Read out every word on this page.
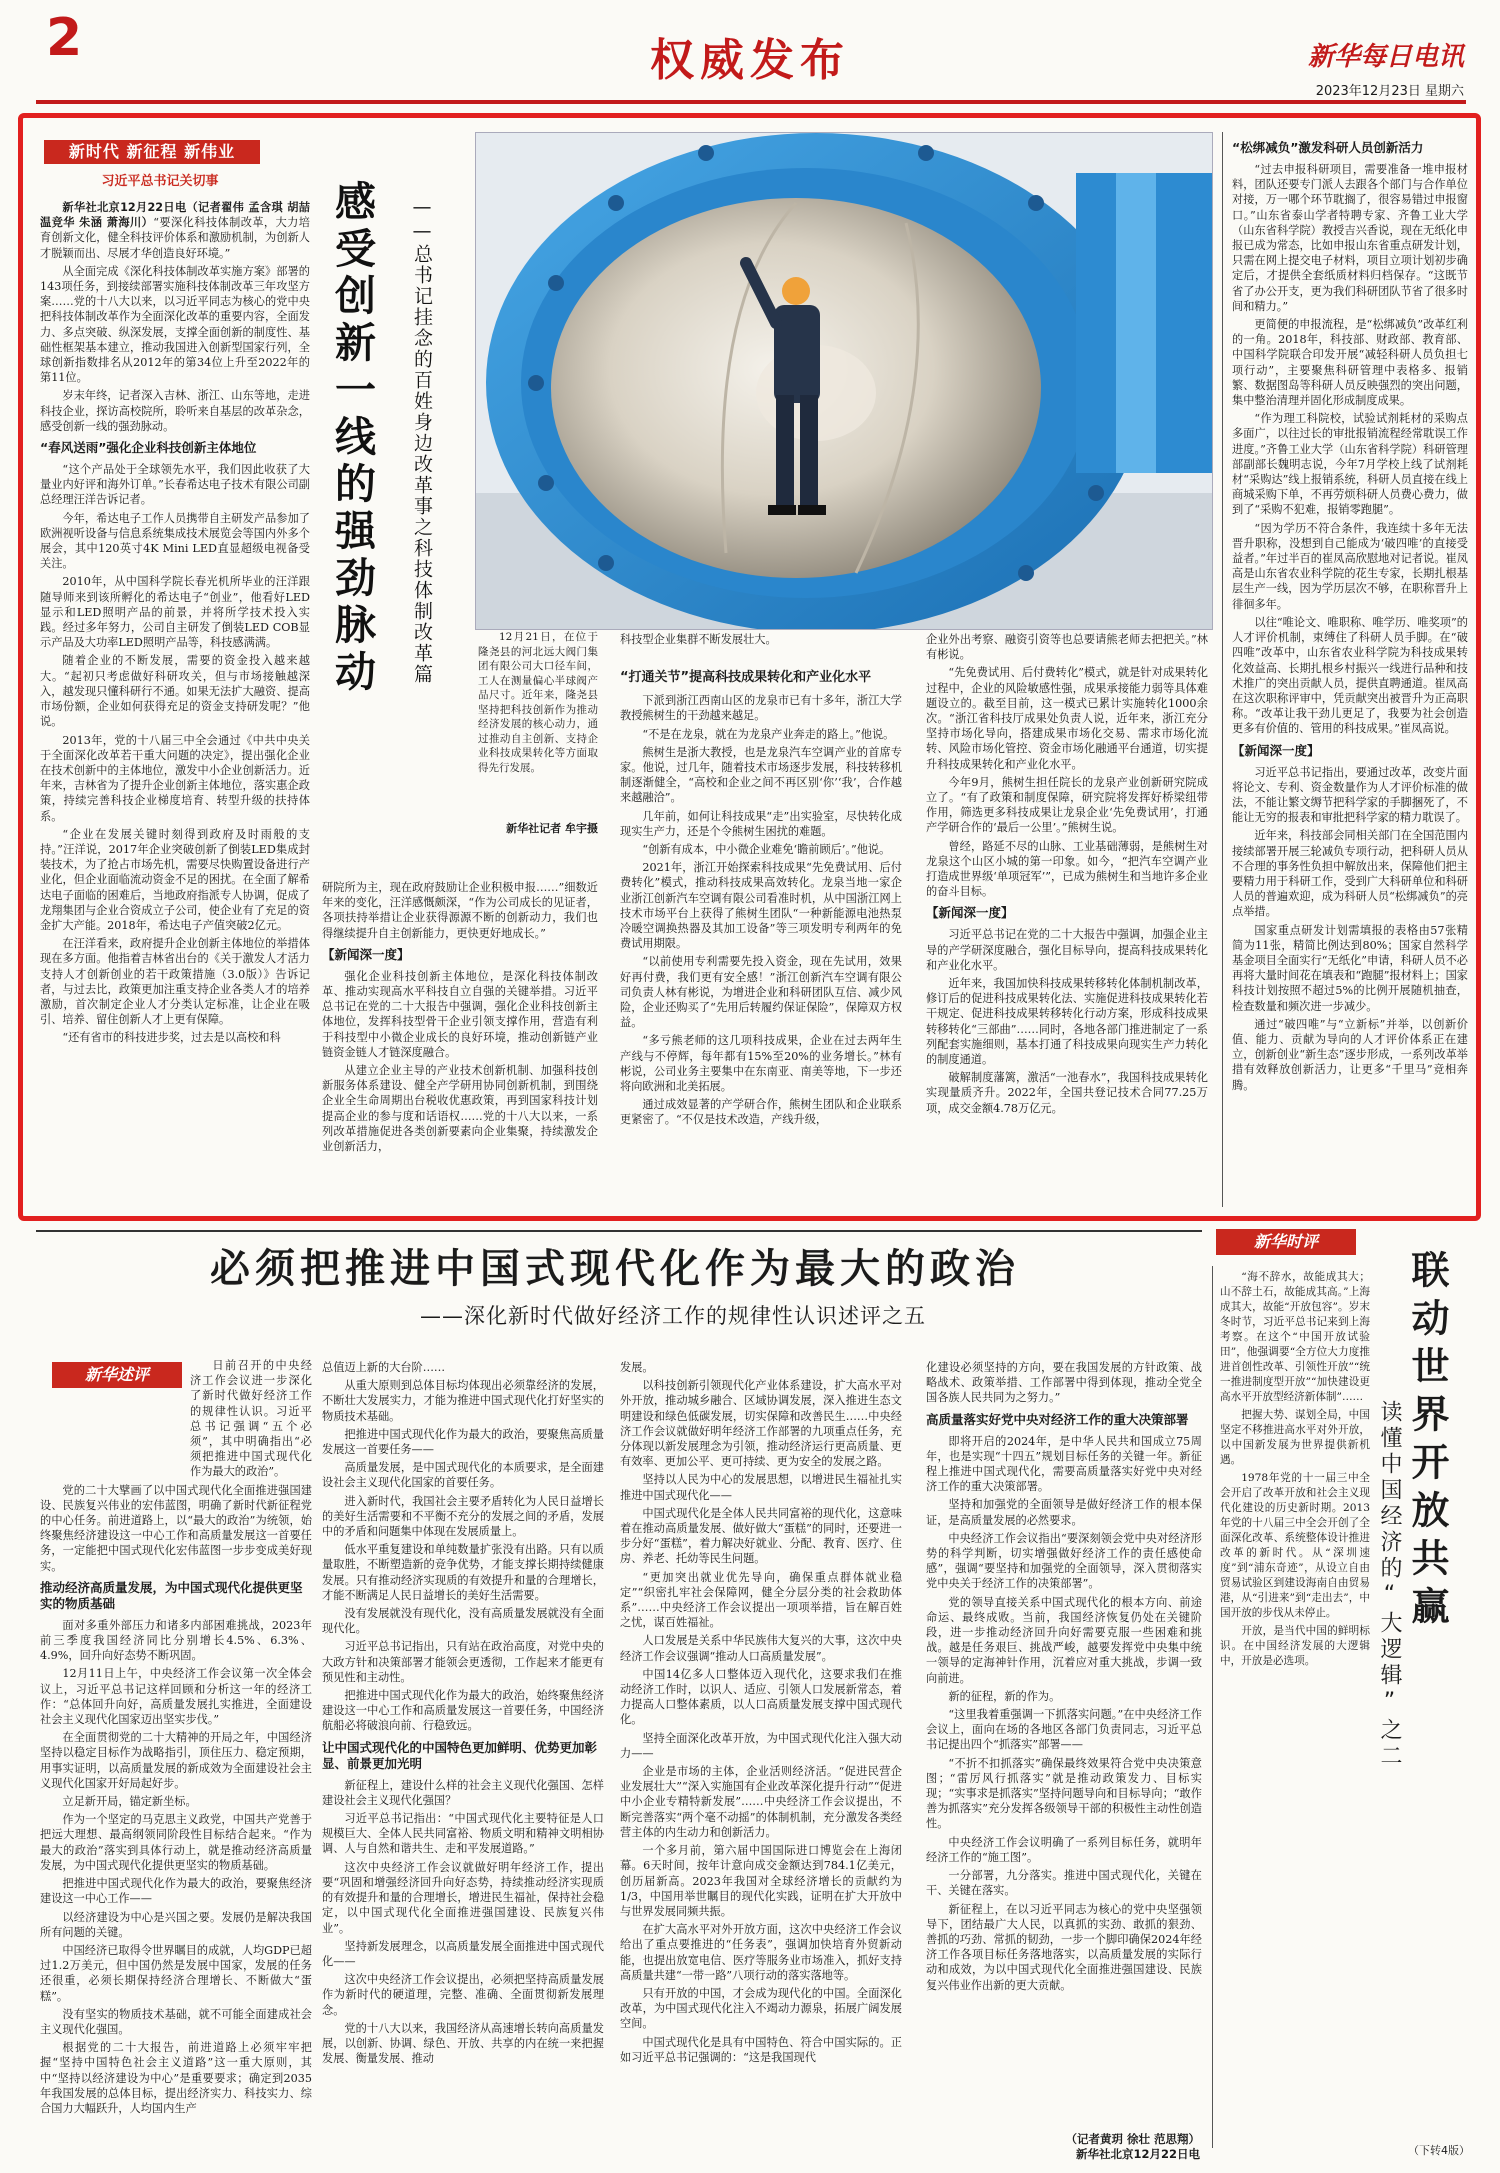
2	权威发布	新华每日电讯
2023年12月23日 星期六
新时代 新征程 新伟业
习近平总书记关切事	感受创新一线的强劲脉动 ——总书记挂念的百姓身边改革事之科技体制改革篇

新华社北京12月22日电（记者翟伟 孟含琪 胡喆 温竞华 朱涵 萧海川）“要深化科技体制改革，大力培育创新文化，健全科技评价体系和激励机制，为创新人才脱颖而出、尽展才华创造良好环境。”

从全面完成《深化科技体制改革实施方案》部署的143项任务，到接续部署实施科技体制改革三年攻坚方案……党的十八大以来，以习近平同志为核心的党中央把科技体制改革作为全面深化改革的重要内容，全面发力、多点突破、纵深发展，支撑全面创新的制度性、基础性框架基本建立，推动我国进入创新型国家行列，全球创新指数排名从2012年的第34位上升至2022年的第11位。

岁末年终，记者深入吉林、浙江、山东等地，走进科技企业，探访高校院所，聆听来自基层的改革杂念，感受创新一线的强劲脉动。

“春风送雨”强化企业科技创新主体地位

“这个产品处于全球领先水平，我们因此收获了大量业内好评和海外订单。”长春希达电子技术有限公司副总经理汪洋告诉记者。

今年，希达电子工作人员携带自主研发产品参加了欧洲视听设备与信息系统集成技术展览会等国内外多个展会，其中120英寸4K Mini LED直显超级电视备受关注。

2010年，从中国科学院长春光机所毕业的汪洋跟随导师来到该所孵化的希达电子“创业”，他看好LED显示和LED照明产品的前景，并将所学技术投入实践。经过多年努力，公司自主研发了倒装LED COB显示产品及大功率LED照明产品等，科技感满满。

随着企业的不断发展，需要的资金投入越来越大。“起初只考虑做好科研攻关，但与市场接触越深入，越发现只懂科研行不通。如果无法扩大融资、提高市场份额，企业如何获得充足的资金支持研发呢？”他说。

2013年，党的十八届三中全会通过《中共中央关于全面深化改革若干重大问题的决定》，提出强化企业在技术创新中的主体地位，激发中小企业创新活力。近年来，吉林省为了提升企业创新主体地位，落实惠企政策，持续完善科技企业梯度培育、转型升级的扶持体系。

“企业在发展关键时刻得到政府及时雨般的支持。”汪洋说，2017年企业突破创新了倒装LED集成封装技术，为了抢占市场先机，需要尽快购置设备进行产业化，但企业面临流动资金不足的困扰。在全面了解希达电子面临的困难后，当地政府指派专人协调，促成了龙翔集团与企业合资成立子公司，使企业有了充足的资金扩大产能。2018年，希达电子产值突破2亿元。

在汪洋看来，政府提升企业创新主体地位的举措体现在多方面。他指着吉林省出台的《关于激发人才活力支持人才创新创业的若干政策措施（3.0版）》告诉记者，与过去比，政策更加注重支持企业各类人才的培养激励，首次制定企业人才分类认定标准，让企业在吸引、培养、留住创新人才上更有保障。

“还有省市的科技进步奖，过去是以高校和科

12月21日，在位于隆尧县的河北远大阀门集团有限公司大口径车间，工人在测量偏心半球阀产品尺寸。近年来，隆尧县坚持把科技创新作为推动经济发展的核心动力，通过推动自主创新、支持企业科技成果转化等方面取得先行发展。
新华社记者 牟宇摄

研院所为主，现在政府鼓励让企业积极申报……”细数近年来的变化，汪洋感慨颇深，“作为公司成长的见证者，各项扶持举措让企业获得源源不断的创新动力，我们也得继续提升自主创新能力，更快更好地成长。”

【新闻深一度】

强化企业科技创新主体地位，是深化科技体制改革、推动实现高水平科技自立自强的关键举措。习近平总书记在党的二十大报告中强调，强化企业科技创新主体地位，发挥科技型骨干企业引领支撑作用，营造有利于科技型中小微企业成长的良好环境，推动创新链产业链资金链人才链深度融合。

从建立企业主导的产业技术创新机制、加强科技创新服务体系建设、健全产学研用协同创新机制，到围绕企业全生命周期出台税收优惠政策，再到国家科技计划提高企业的参与度和话语权……党的十八大以来，一系列改革措施促进各类创新要素向企业集聚，持续激发企业创新活力，

科技型企业集群不断发展壮大。

“打通关节”提高科技成果转化和产业化水平

下派到浙江西南山区的龙泉市已有十多年，浙江大学教授熊树生的干劲越来越足。

“不是在龙泉，就在为龙泉产业奔走的路上。”他说。

熊树生是浙大教授，也是龙泉汽车空调产业的首席专家。他说，过几年，随着技术市场逐步发展，科技转移机制逐渐健全，“高校和企业之间不再区别‘你’‘我’，合作越来越融洽”。

几年前，如何让科技成果“走”出实验室，尽快转化成现实生产力，还是个令熊树生困扰的难题。

“创新有成本，中小微企业难免‘瞻前顾后’。”他说。

2021年，浙江开始探索科技成果“先免费试用、后付费转化”模式，推动科技成果高效转化。龙泉当地一家企业浙江创新汽车空调有限公司看准时机，从中国浙江网上技术市场平台上获得了熊树生团队“一种新能源电池热泵冷暖空调换热器及其加工设备”等三项发明专利两年的免费试用期限。

“以前使用专利需要先投入资金，现在先试用，效果好再付费，我们更有安全感！”浙江创新汽车空调有限公司负责人林有彬说，为增进企业和科研团队互信、减少风险，企业还购买了“先用后转履约保证保险”，保障双方权益。

“多亏熊老师的这几项科技成果，企业在过去两年生产线与不停辉，每年都有15%至20%的业务增长。”林有彬说，公司业务主要集中在东南亚、南美等地，下一步还将向欧洲和北美拓展。

通过成效显著的产学研合作，熊树生团队和企业联系更紧密了。“不仅是技术改造，产线升级，

企业外出考察、融资引资等也总要请熊老师去把把关。”林有彬说。

“先免费试用、后付费转化”模式，就是针对成果转化过程中，企业的风险敏感性强，成果承接能力弱等具体难题设立的。截至目前，这一模式已累计实施转化1000余次。“浙江省科技厅成果处负责人说，近年来，浙江充分坚持市场化导向，搭建成果市场化交易、需求市场化流转、风险市场化管控、资金市场化融通平台通道，切实提升科技成果转化和产业化水平。

今年9月，熊树生担任院长的龙泉产业创新研究院成立了。“有了政策和制度保障，研究院将发挥好桥梁纽带作用，筛选更多科技成果让龙泉企业‘先免费试用’，打通产学研合作的‘最后一公里’。”熊树生说。

曾经，路延不尽的山脉、工业基础薄弱，是熊树生对龙泉这个山区小城的第一印象。如今，“把汽车空调产业打造成世界级‘单项冠军’”，已成为熊树生和当地许多企业的奋斗目标。

【新闻深一度】

习近平总书记在党的二十大报告中强调，加强企业主导的产学研深度融合，强化目标导向，提高科技成果转化和产业化水平。

近年来，我国加快科技成果转移转化体制机制改革，修订后的促进科技成果转化法、实施促进科技成果转化若干规定、促进科技成果转移转化行动方案，形成科技成果转移转化“三部曲”……同时，各地各部门推进制定了一系列配套实施细则，基本打通了科技成果向现实生产力转化的制度通道。

破解制度藩篱，激活“一池春水”，我国科技成果转化实现量质齐升。2022年，全国共登记技术合同77.25万项，成交金额4.78万亿元。

“松绑减负”激发科研人员创新活力

“过去申报科研项目，需要准备一堆申报材料，团队还要专门派人去跟各个部门与合作单位对接，万一哪个环节耽搁了，很容易错过申报窗口。”山东省泰山学者特聘专家、齐鲁工业大学（山东省科学院）教授吉兴香说，现在无纸化申报已成为常态，比如申报山东省重点研发计划，只需在网上提交电子材料，项目立项计划初步确定后，才提供全套纸质材料归档保存。“这既节省了办公开支，更为我们科研团队节省了很多时间和精力。”

更简便的申报流程，是“松绑减负”改革红利的一角。2018年，科技部、财政部、教育部、中国科学院联合印发开展“减轻科研人员负担七项行动”，主要聚焦科研管理中表格多、报销繁、数据图岛等科研人员反映强烈的突出问题，集中整治清理并固化形成制度成果。

“作为理工科院校，试验试剂耗材的采购点多面广，以往过长的审批报销流程经常耽误工作进度。”齐鲁工业大学（山东省科学院）科研管理部副部长魏明志说，今年7月学校上线了试剂耗材“采购达”线上报销系统，科研人员直接在线上商城采购下单，不再劳烦科研人员费心费力，做到了“采购不犯难，报销零跑腿”。

“因为学历不符合条件，我连续十多年无法晋升职称，没想到自己能成为‘破四唯’的直接受益者。”年过半百的崔凤高欣慰地对记者说。崔凤高是山东省农业科学院的花生专家，长期扎根基层生产一线，因为学历层次不够，在职称晋升上徘徊多年。

以往“唯论文、唯职称、唯学历、唯奖项”的人才评价机制，束缚住了科研人员手脚。在“破四唯”改革中，山东省农业科学院为科技成果转化效益高、长期扎根乡村振兴一线进行品种和技术推广的突出贡献人员，提供直聘通道。崔凤高在这次职称评审中，凭贡献突出被晋升为正高职称。“改革让我干劲儿更足了，我要为社会创造更多有价值的、管用的科技成果。”崔凤高说。

【新闻深一度】

习近平总书记指出，要通过改革，改变片面将论文、专利、资金数量作为人才评价标准的做法，不能让繁文缛节把科学家的手脚捆死了，不能让无穷的报表和审批把科学家的精力耽误了。

近年来，科技部会同相关部门在全国范围内接续部署开展三轮减负专项行动，把科研人员从不合理的事务性负担中解放出来，保障他们把主要精力用于科研工作，受到广大科研单位和科研人员的普遍欢迎，成为科研人员“松绑减负”的亮点举措。

国家重点研发计划需填报的表格由57张精简为11张，精简比例达到80%；国家自然科学基金项目全面实行“无纸化”申请，科研人员不必再将大量时间花在填表和“跑腿”报材料上；国家科技计划按照不超过5%的比例开展随机抽查，检查数量和频次进一步减少。

通过“破四唯”与“立新标”并举，以创新价值、能力、贡献为导向的人才评价体系正在建立，创新创业“新生态”逐步形成，一系列改革举措有效释放创新活力，让更多“千里马”竞相奔腾。

必须把推进中国式现代化作为最大的政治
——深化新时代做好经济工作的规律性认识述评之五
新华述评	日前召开的中央经济工作会议进一步深化了新时代做好经济工作的规律性认识。习近平总书记强调“五个必须”，其中明确指出“必须把推进中国式现代化作为最大的政治”。

党的二十大擘画了以中国式现代化全面推进强国建设、民族复兴伟业的宏伟蓝图，明确了新时代新征程党的中心任务。前进道路上，以“最大的政治”为统领，始终聚焦经济建设这一中心工作和高质量发展这一首要任务，一定能把中国式现代化宏伟蓝图一步步变成美好现实。

推动经济高质量发展，为中国式现代化提供更坚实的物质基础

面对多重外部压力和诸多内部困难挑战，2023年前三季度我国经济同比分别增长4.5%、6.3%、4.9%，回升向好态势不断巩固。

12月11日上午，中央经济工作会议第一次全体会议上，习近平总书记这样回顾和分析这一年的经济工作：“总体回升向好，高质量发展扎实推进，全面建设社会主义现代化国家迈出坚实步伐。”

在全面贯彻党的二十大精神的开局之年，中国经济坚持以稳定目标作为战略指引，顶住压力、稳定预期，用事实证明，以高质量发展的新成效为全面建设社会主义现代化国家开好局起好步。

立足新开局，锚定新坐标。

作为一个坚定的马克思主义政党，中国共产党善于把远大理想、最高纲领同阶段性目标结合起来。“作为最大的政治”落实到具体行动上，就是推动经济高质量发展，为中国式现代化提供更坚实的物质基础。

把推进中国式现代化作为最大的政治，要聚焦经济建设这一中心工作——

以经济建设为中心是兴国之要。发展仍是解决我国所有问题的关键。

中国经济已取得令世界瞩目的成就，人均GDP已超过1.2万美元，但中国仍然是发展中国家，发展的任务还很重，必须长期保持经济合理增长、不断做大“蛋糕”。

没有坚实的物质技术基础，就不可能全面建成社会主义现代化强国。

根据党的二十大报告，前进道路上必须牢牢把握“坚持中国特色社会主义道路”这一重大原则，其中“坚持以经济建设为中心”是重要要求；确定到2035年我国发展的总体目标，提出经济实力、科技实力、综合国力大幅跃升，人均国内生产

总值迈上新的大台阶……

从重大原则到总体目标均体现出必须靠经济的发展，不断壮大发展实力，才能为推进中国式现代化打好坚实的物质技术基础。

把推进中国式现代化作为最大的政治，要聚焦高质量发展这一首要任务——

高质量发展，是中国式现代化的本质要求，是全面建设社会主义现代化国家的首要任务。

进入新时代，我国社会主要矛盾转化为人民日益增长的美好生活需要和不平衡不充分的发展之间的矛盾，发展中的矛盾和问题集中体现在发展质量上。

低水平重复建设和单纯数量扩张没有出路。只有以质量取胜，不断塑造新的竞争优势，才能支撑长期持续健康发展。只有推动经济实现质的有效提升和量的合理增长，才能不断满足人民日益增长的美好生活需要。

没有发展就没有现代化，没有高质量发展就没有全面现代化。

习近平总书记指出，只有站在政治高度，对党中央的大政方针和决策部署才能领会更透彻，工作起来才能更有预见性和主动性。

把推进中国式现代化作为最大的政治，始终聚焦经济建设这一中心工作和高质量发展这一首要任务，中国经济航船必将破浪向前、行稳致远。

让中国式现代化的中国特色更加鲜明、优势更加彰显、前景更加光明

新征程上，建设什么样的社会主义现代化强国、怎样建设社会主义现代化强国？

习近平总书记指出：“中国式现代化主要特征是人口规模巨大、全体人民共同富裕、物质文明和精神文明相协调、人与自然和谐共生、走和平发展道路。”

这次中央经济工作会议就做好明年经济工作，提出要“巩固和增强经济回升向好态势，持续推动经济实现质的有效提升和量的合理增长，增进民生福祉，保持社会稳定，以中国式现代化全面推进强国建设、民族复兴伟业”。

坚持新发展理念，以高质量发展全面推进中国式现代化——

这次中央经济工作会议提出，必须把坚持高质量发展作为新时代的硬道理，完整、准确、全面贯彻新发展理念。

党的十八大以来，我国经济从高速增长转向高质量发展，以创新、协调、绿色、开放、共享的内在统一来把握发展、衡量发展、推动

发展。

以科技创新引领现代化产业体系建设，扩大高水平对外开放，推动城乡融合、区域协调发展，深入推进生态文明建设和绿色低碳发展，切实保障和改善民生……中央经济工作会议就做好明年经济工作部署的九项重点任务，充分体现以新发展理念为引领，推动经济运行更高质量、更有效率、更加公平、更可持续、更为安全的发展之路。

坚持以人民为中心的发展思想，以增进民生福祉扎实推进中国式现代化——

中国式现代化是全体人民共同富裕的现代化，这意味着在推动高质量发展、做好做大“蛋糕”的同时，还要进一步分好“蛋糕”，着力解决好就业、分配、教育、医疗、住房、养老、托幼等民生问题。

“更加突出就业优先导向，确保重点群体就业稳定”“织密扎牢社会保障网，健全分层分类的社会救助体系”……中央经济工作会议提出一项项举措，旨在解百姓之忧，谋百姓福祉。

人口发展是关系中华民族伟大复兴的大事，这次中央经济工作会议强调“推动人口高质量发展”。

中国14亿多人口整体迈入现代化，这要求我们在推动经济工作时，以识人、适应、引领人口发展新常态，着力提高人口整体素质，以人口高质量发展支撑中国式现代化。

坚持全面深化改革开放，为中国式现代化注入强大动力——

企业是市场的主体，企业活则经济活。“促进民营企业发展壮大”“深入实施国有企业改革深化提升行动”“促进中小企业专精特新发展”……中央经济工作会议提出，不断完善落实“两个毫不动摇”的体制机制，充分激发各类经营主体的内生动力和创新活力。

一个多月前，第六届中国国际进口博览会在上海闭幕。6天时间，按年计意向成交金额达到784.1亿美元，创历届新高。2023年我国对全球经济增长的贡献约为1/3，中国用举世瞩目的现代化实践，证明在扩大开放中与世界发展同频共振。

在扩大高水平对外开放方面，这次中央经济工作会议给出了重点要推进的“任务表”，强调加快培育外贸新动能，也提出放宽电信、医疗等服务业市场准入，抓好支持高质量共建“一带一路”八项行动的落实落地等。

只有开放的中国，才会成为现代化的中国。全面深化改革，为中国式现代化注入不竭动力源泉，拓展广阔发展空间。

中国式现代化是具有中国特色、符合中国实际的。正如习近平总书记强调的：“这是我国现代

化建设必须坚持的方向，要在我国发展的方针政策、战略战术、政策举措、工作部署中得到体现，推动全党全国各族人民共同为之努力。”

高质量落实好党中央对经济工作的重大决策部署

即将开启的2024年，是中华人民共和国成立75周年，也是实现“十四五”规划目标任务的关键一年。新征程上推进中国式现代化，需要高质量落实好党中央对经济工作的重大决策部署。

坚持和加强党的全面领导是做好经济工作的根本保证，是高质量发展的必然要求。

中央经济工作会议指出“要深刻领会党中央对经济形势的科学判断，切实增强做好经济工作的责任感使命感”，强调“要坚持和加强党的全面领导，深入贯彻落实党中央关于经济工作的决策部署”。

党的领导直接关系中国式现代化的根本方向、前途命运、最终成败。当前，我国经济恢复仍处在关键阶段，进一步推动经济回升向好需要克服一些困难和挑战。越是任务艰巨、挑战严峻，越要发挥党中央集中统一领导的定海神针作用，沉着应对重大挑战，步调一致向前进。

新的征程，新的作为。

“这里我着重强调一下抓落实问题。”在中央经济工作会议上，面向在场的各地区各部门负责同志，习近平总书记提出四个“抓落实”部署——

“不折不扣抓落实”确保最终效果符合党中央决策意图；“雷厉风行抓落实”就是推动政策发力、目标实现；“实事求是抓落实”坚持问题导向和目标导向；“敢作善为抓落实”充分发挥各级领导干部的积极性主动性创造性。

中央经济工作会议明确了一系列目标任务，就明年经济工作的“施工图”。

一分部署，九分落实。推进中国式现代化，关键在干、关键在落实。

新征程上，在以习近平同志为核心的党中央坚强领导下，团结最广大人民，以真抓的实劲、敢抓的狠劲、善抓的巧劲、常抓的韧劲，一步一个脚印确保2024年经济工作各项目标任务落地落实，以高质量发展的实际行动和成效，为以中国式现代化全面推进强国建设、民族复兴伟业作出新的更大贡献。

（记者黄玥 徐壮 范思翔）
新华社北京12月22日电
新华时评
联动世界开放共赢
读懂中国经济的“大逻辑”之二

“海不辞水，故能成其大；山不辞土石，故能成其高。”上海成其大，故能“开放包容”。岁末冬时节，习近平总书记来到上海考察。在这个“中国开放试验田”，他强调要“全方位大力度推进首创性改革、引领性开放”“统一推进制度型开放”“加快建设更高水平开放型经济新体制”……

把握大势、谋划全局，中国坚定不移推进高水平对外开放，以中国新发展为世界提供新机遇。

1978年党的十一届三中全会开启了改革开放和社会主义现代化建设的历史新时期。2013年党的十八届三中全会开创了全面深化改革、系统整体设计推进改革的新时代。从“深圳速度”到“浦东奇迹”，从设立自由贸易试验区到建设海南自由贸易港，从“引进来”到“走出去”，中国开放的步伐从未停止。

开放，是当代中国的鲜明标识。在中国经济发展的大逻辑中，开放是必选项。

（下转4版）
